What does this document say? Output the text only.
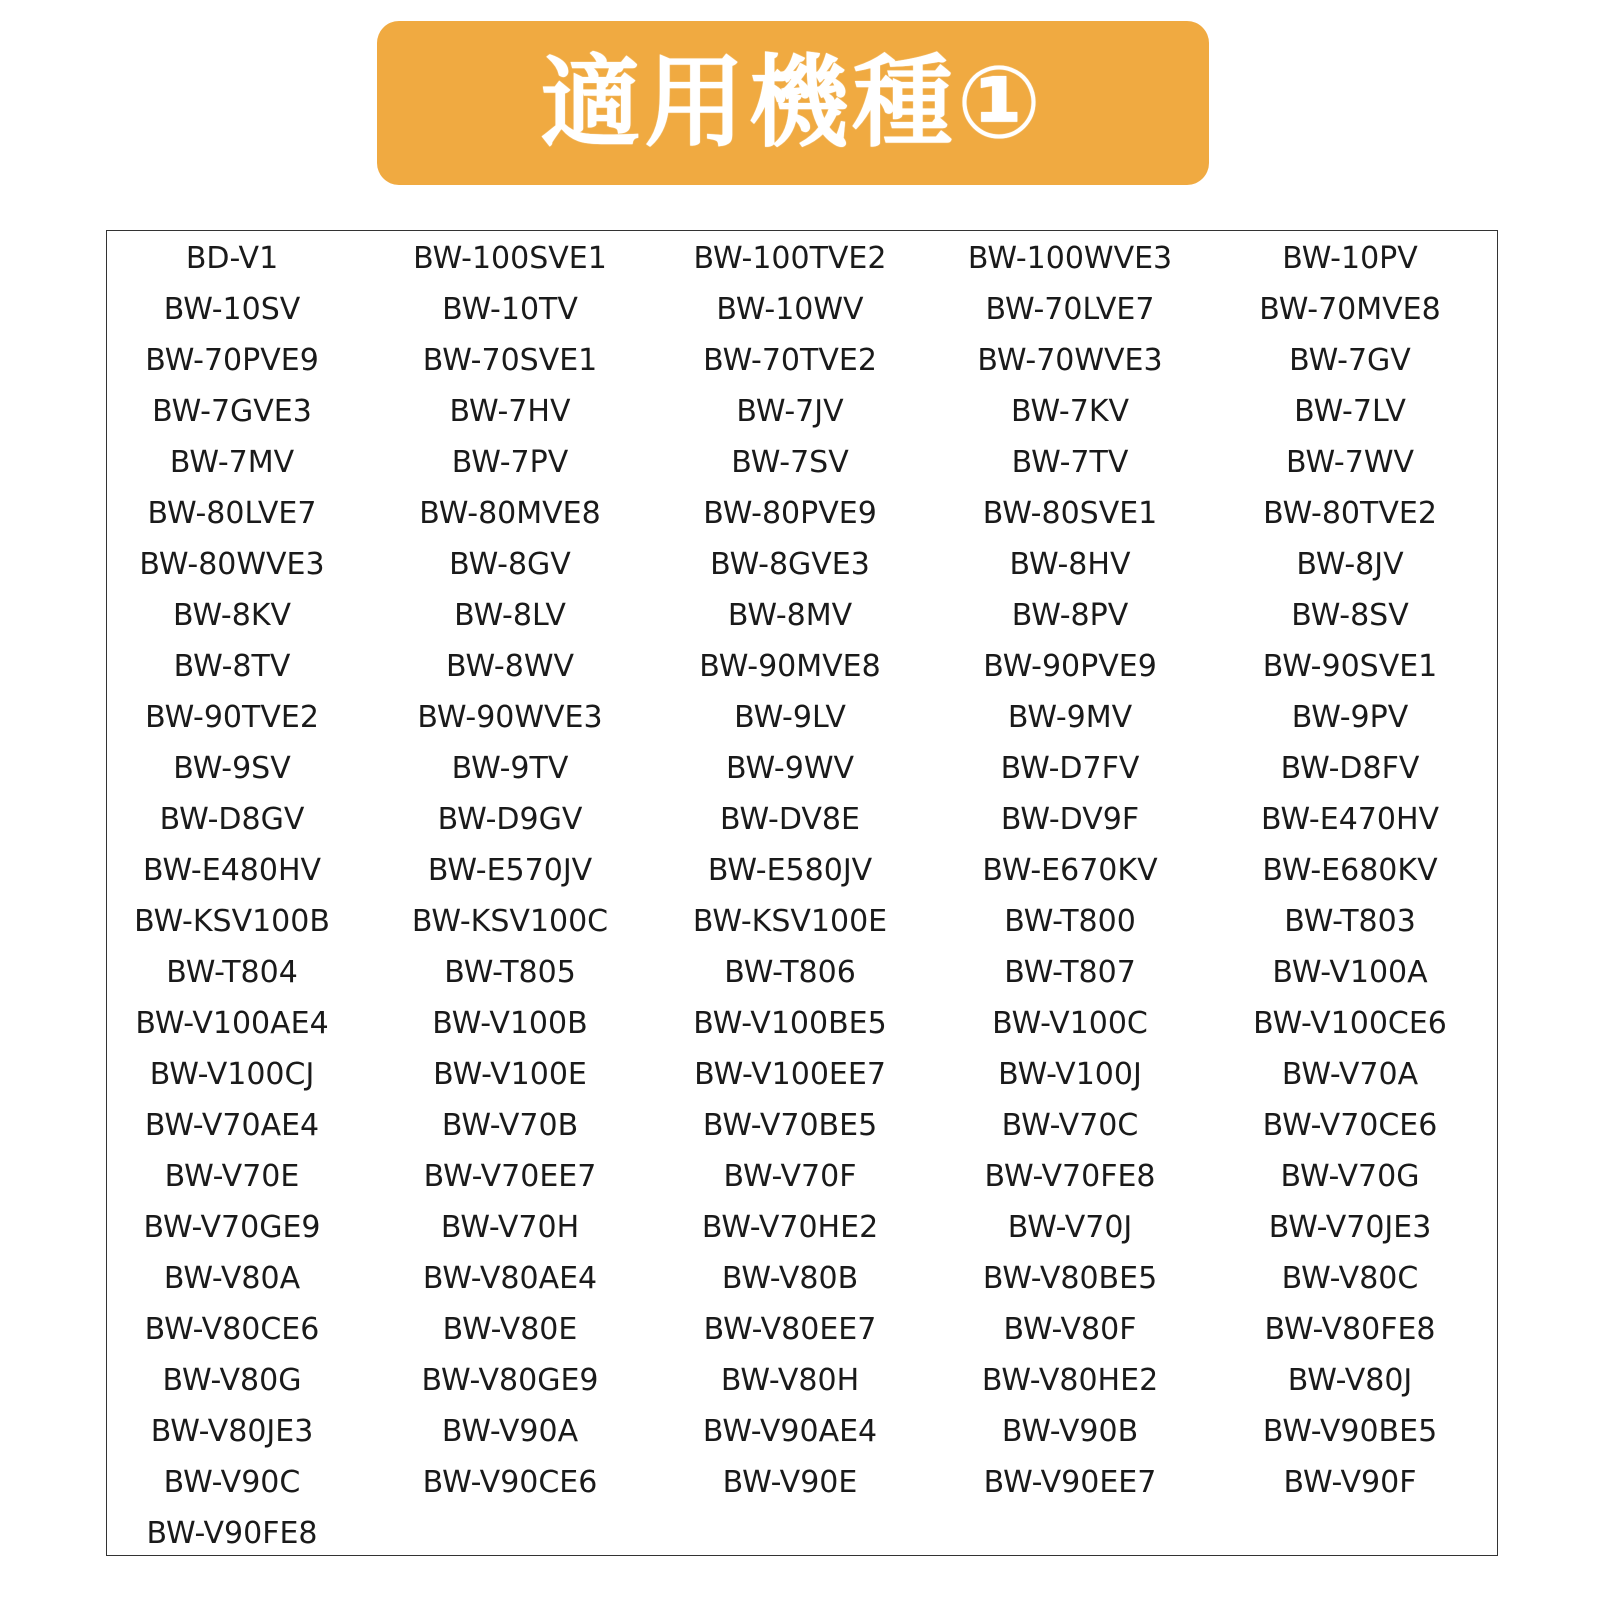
適用機種①
BD-V1	BW-100SVE1	BW-100TVE2	BW-100WVE3	BW-10PV
BW-10SV	BW-10TV	BW-10WV	BW-70LVE7	BW-70MVE8
BW-70PVE9	BW-70SVE1	BW-70TVE2	BW-70WVE3	BW-7GV
BW-7GVE3	BW-7HV	BW-7JV	BW-7KV	BW-7LV
BW-7MV	BW-7PV	BW-7SV	BW-7TV	BW-7WV
BW-80LVE7	BW-80MVE8	BW-80PVE9	BW-80SVE1	BW-80TVE2
BW-80WVE3	BW-8GV	BW-8GVE3	BW-8HV	BW-8JV
BW-8KV	BW-8LV	BW-8MV	BW-8PV	BW-8SV
BW-8TV	BW-8WV	BW-90MVE8	BW-90PVE9	BW-90SVE1
BW-90TVE2	BW-90WVE3	BW-9LV	BW-9MV	BW-9PV
BW-9SV	BW-9TV	BW-9WV	BW-D7FV	BW-D8FV
BW-D8GV	BW-D9GV	BW-DV8E	BW-DV9F	BW-E470HV
BW-E480HV	BW-E570JV	BW-E580JV	BW-E670KV	BW-E680KV
BW-KSV100B	BW-KSV100C	BW-KSV100E	BW-T800	BW-T803
BW-T804	BW-T805	BW-T806	BW-T807	BW-V100A
BW-V100AE4	BW-V100B	BW-V100BE5	BW-V100C	BW-V100CE6
BW-V100CJ	BW-V100E	BW-V100EE7	BW-V100J	BW-V70A
BW-V70AE4	BW-V70B	BW-V70BE5	BW-V70C	BW-V70CE6
BW-V70E	BW-V70EE7	BW-V70F	BW-V70FE8	BW-V70G
BW-V70GE9	BW-V70H	BW-V70HE2	BW-V70J	BW-V70JE3
BW-V80A	BW-V80AE4	BW-V80B	BW-V80BE5	BW-V80C
BW-V80CE6	BW-V80E	BW-V80EE7	BW-V80F	BW-V80FE8
BW-V80G	BW-V80GE9	BW-V80H	BW-V80HE2	BW-V80J
BW-V80JE3	BW-V90A	BW-V90AE4	BW-V90B	BW-V90BE5
BW-V90C	BW-V90CE6	BW-V90E	BW-V90EE7	BW-V90F
BW-V90FE8
